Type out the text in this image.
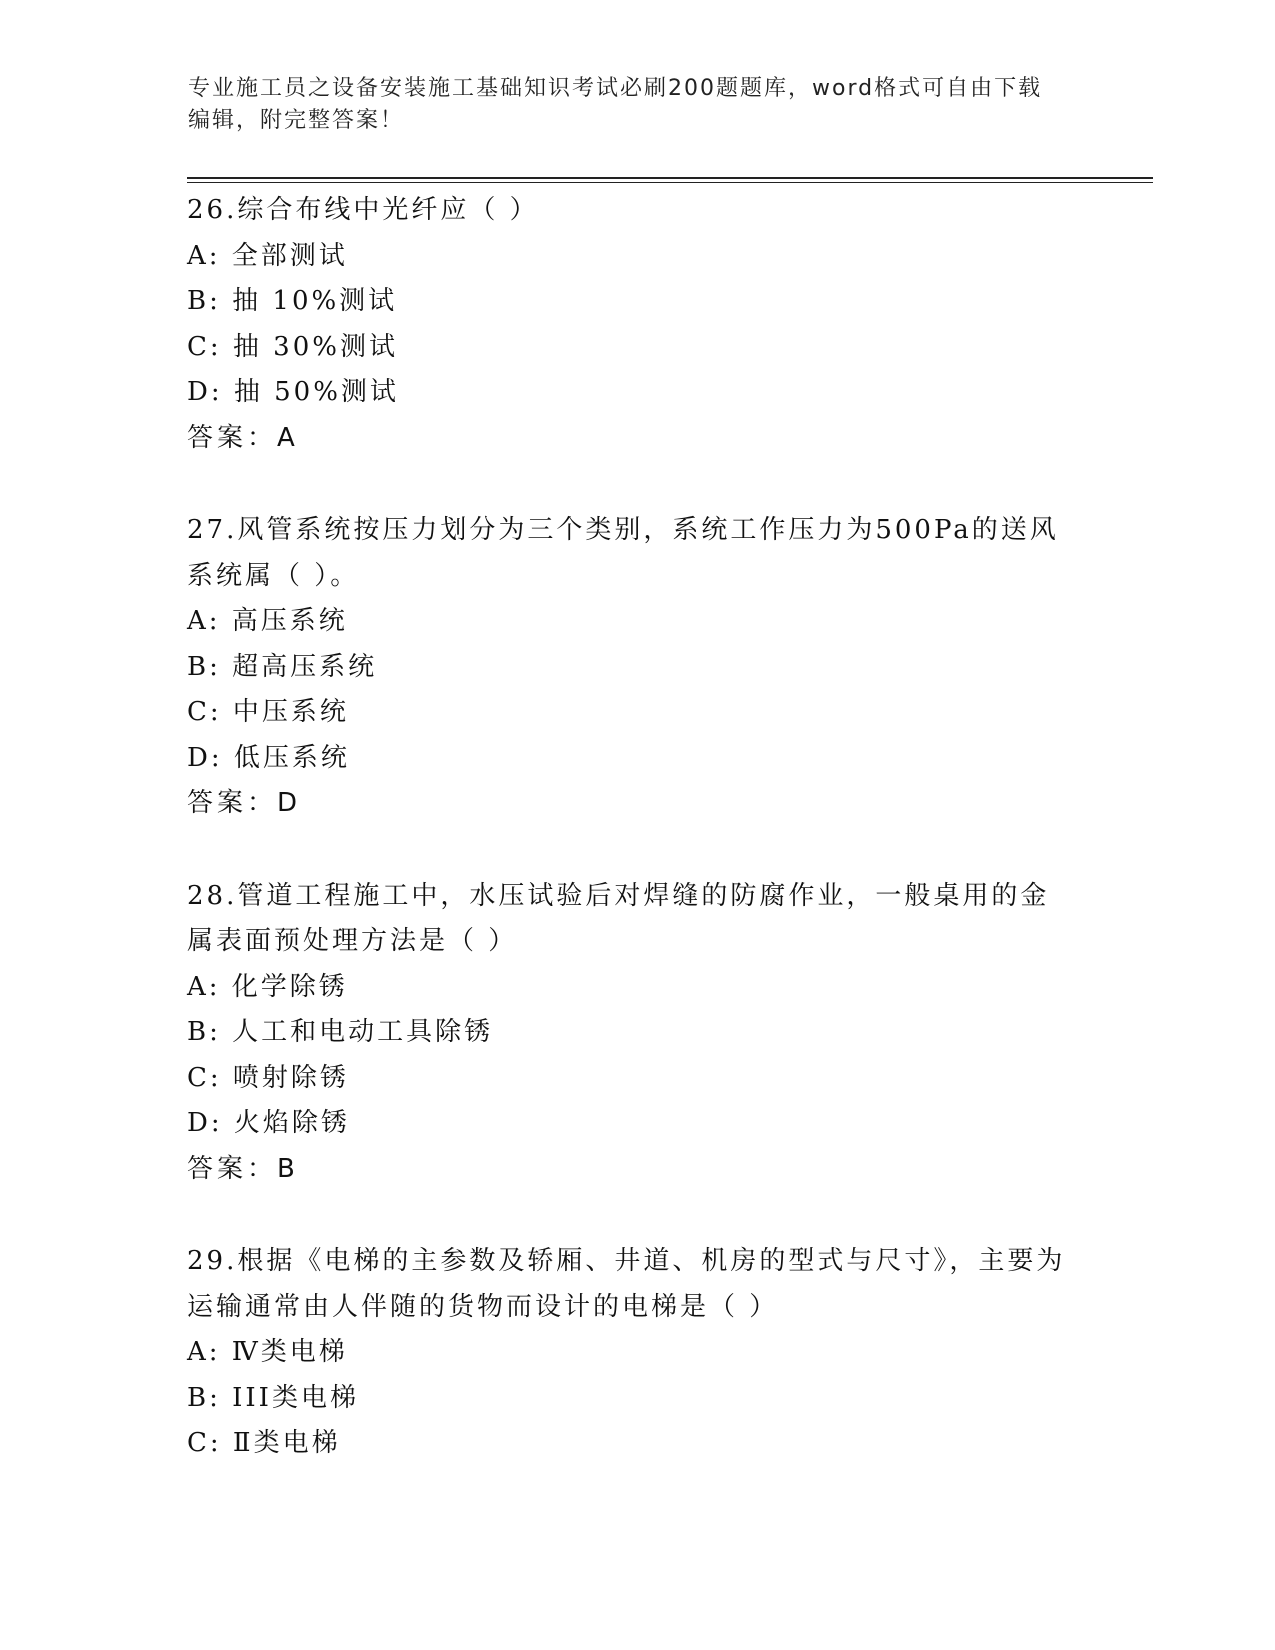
专业施工员之设备安装施工基础知识考试必刷200题题库，word格式可自由下载
编辑，附完整答案！
26.综合布线中光纤应（ ）
A: 全部测试
B: 抽 10%测试
C: 抽 30%测试
D: 抽 50%测试
答案：A
27.风管系统按压力划分为三个类别，系统工作压力为500Pa的送风系统属（ ）。
A: 高压系统
B: 超高压系统
C: 中压系统
D: 低压系统
答案：D
28.管道工程施工中，水压试验后对焊缝的防腐作业，一般桌用的金属表面预处理方法是（ ）
A: 化学除锈
B: 人工和电动工具除锈
C: 喷射除锈
D: 火焰除锈
答案：B
29.根据《电梯的主参数及轿厢、井道、机房的型式与尺寸》，主要为运输通常由人伴随的货物而设计的电梯是（ ）
A: Ⅳ类电梯
B: III类电梯
C: Ⅱ类电梯
